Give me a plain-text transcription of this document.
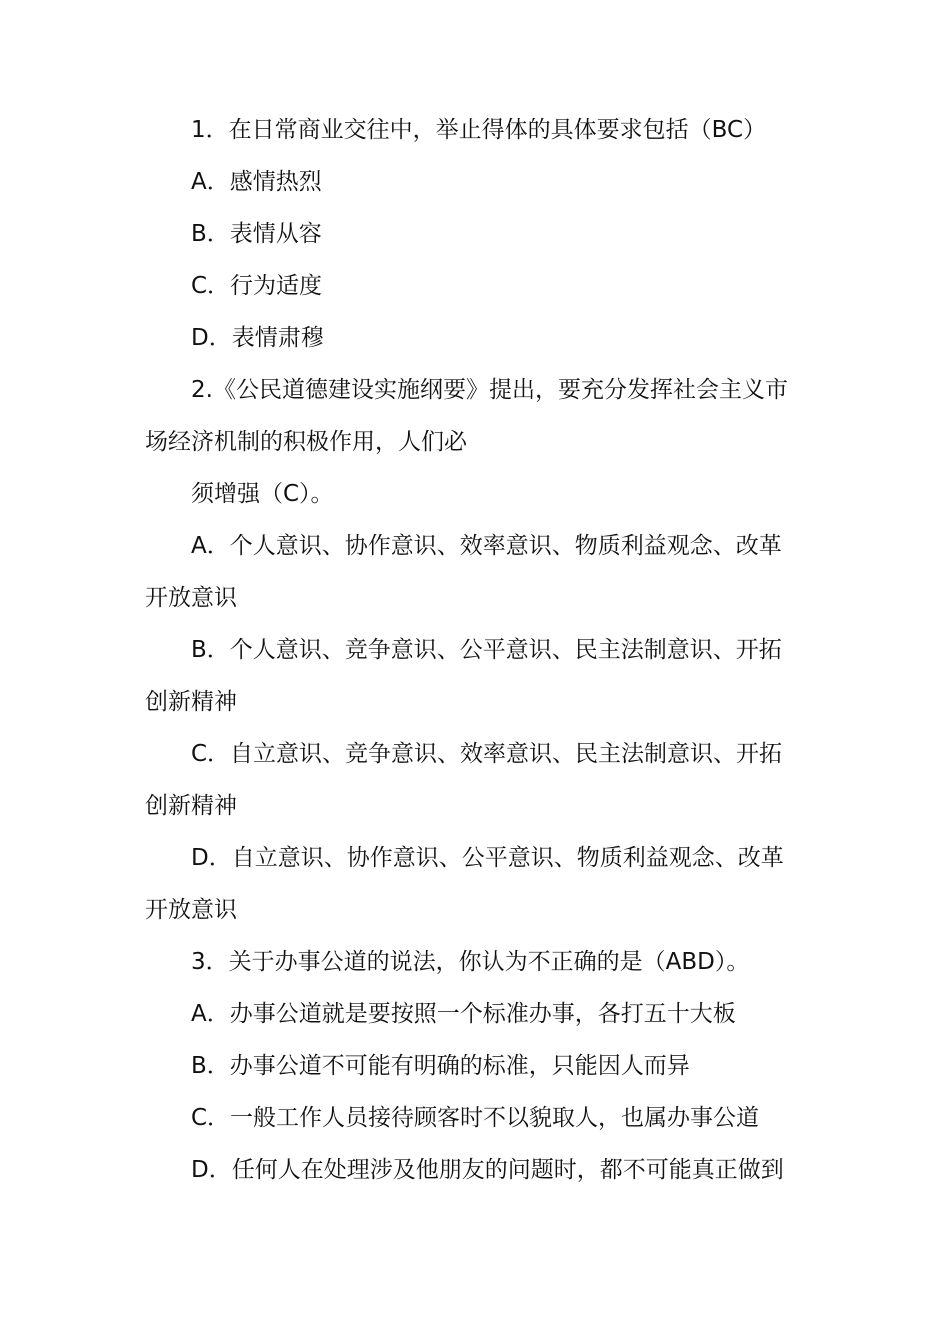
1．在日常商业交往中，举止得体的具体要求包括（BC）

A．感情热烈

B．表情从容

C．行为适度

D．表情肃穆

2.《公民道德建设实施纲要》提出，要充分发挥社会主义市

场经济机制的积极作用，人们必

须增强（C）。

A．个人意识、协作意识、效率意识、物质利益观念、改革

开放意识

B．个人意识、竞争意识、公平意识、民主法制意识、开拓

创新精神

C．自立意识、竞争意识、效率意识、民主法制意识、开拓

创新精神

D．自立意识、协作意识、公平意识、物质利益观念、改革

开放意识

3．关于办事公道的说法，你认为不正确的是（ABD）。

A．办事公道就是要按照一个标准办事，各打五十大板

B．办事公道不可能有明确的标准，只能因人而异

C．一般工作人员接待顾客时不以貌取人，也属办事公道

D．任何人在处理涉及他朋友的问题时，都不可能真正做到
